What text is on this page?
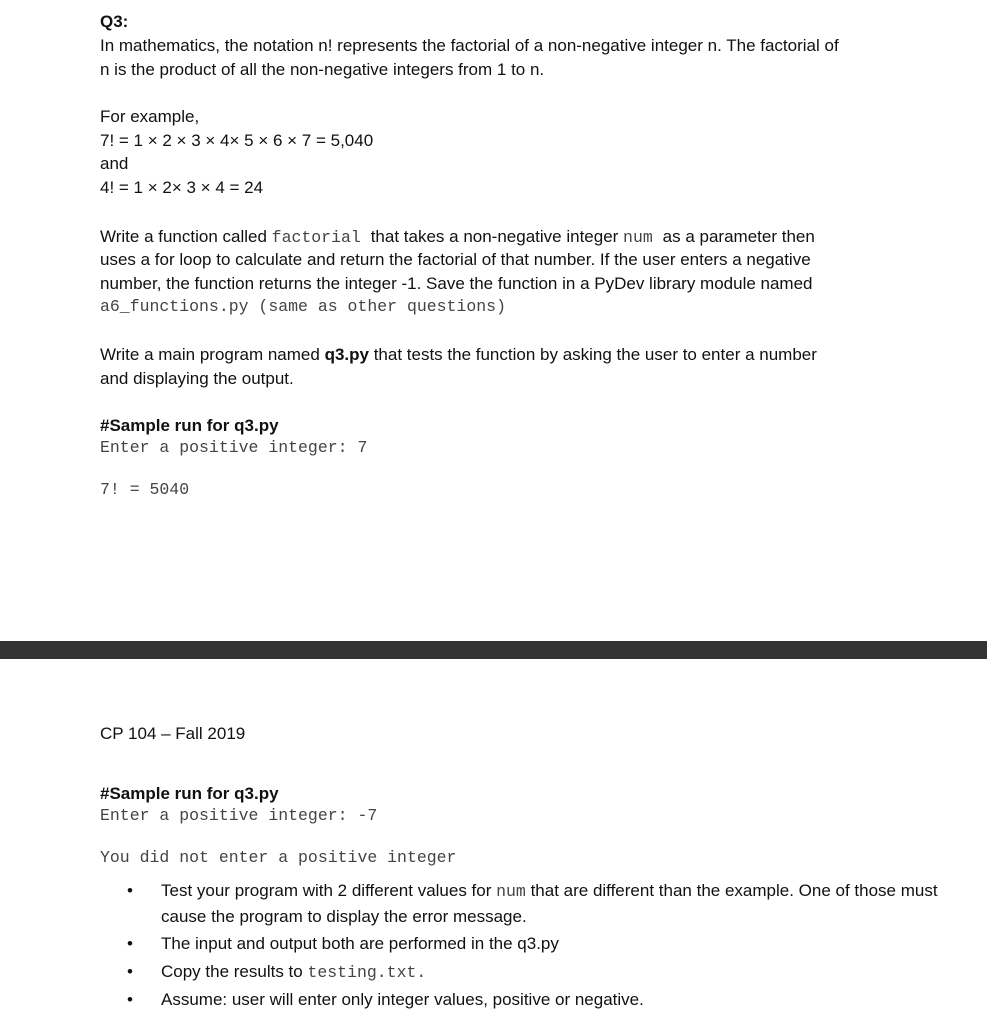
Q3:

In mathematics, the notation n! represents the factorial of a non-negative integer n. The factorial of

n is the product of all the non-negative integers from 1 to n.

For example,

7! = 1 × 2 × 3 × 4× 5 × 6 × 7 = 5,040

and

4! = 1 × 2× 3 × 4 = 24

Write a function called factorial that takes a non-negative integer num as a parameter then

uses a for loop to calculate and return the factorial of that number. If the user enters a negative

number, the function returns the integer -1. Save the function in a PyDev library module named

a6_functions.py (same as other questions)

Write a main program named q3.py that tests the function by asking the user to enter a number

and displaying the output.

#Sample run for q3.py

Enter a positive integer: 7

7! = 5040

CP 104 – Fall 2019

#Sample run for q3.py

Enter a positive integer: -7

You did not enter a positive integer

• Test your program with 2 different values for num that are different than the example. One of those must cause the program to display the error message.
• The input and output both are performed in the q3.py
• Copy the results to testing.txt.
• Assume: user will enter only integer values, positive or negative.
